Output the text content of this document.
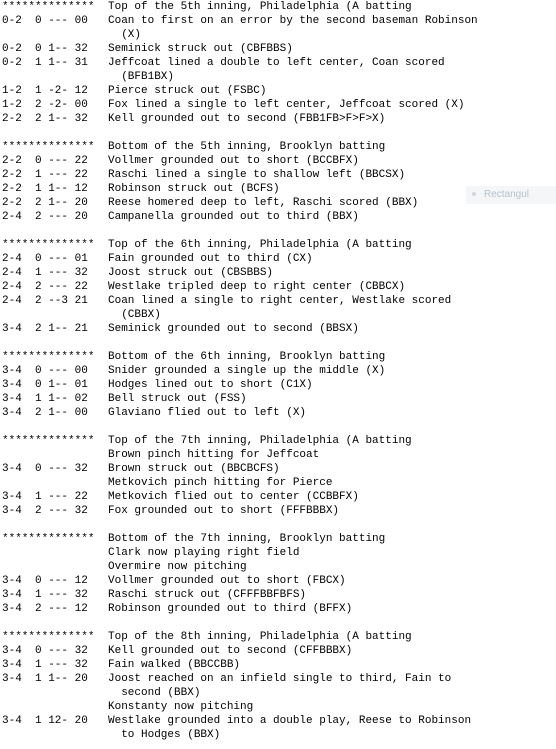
************** Top of the 5th inning, Philadelphia (A batting
0-2  0 --- 00 Coan to first on an error by the second baseman Robinson
(X)
0-2  0 1-- 32 Seminick struck out (CBFBBS)
0-2  1 1-- 31 Jeffcoat lined a double to left center, Coan scored
(BFB1BX)
1-2  1 -2- 12 Pierce struck out (FSBC)
1-2  2 -2- 00 Fox lined a single to left center, Jeffcoat scored (X)
2-2  2 1-- 32 Kell grounded out to second (FBB1FB>F>F>X)
************** Bottom of the 5th inning, Brooklyn batting
2-2  0 --- 22 Vollmer grounded out to short (BCCBFX)
2-2  1 --- 22 Raschi lined a single to shallow left (BBCSX)
2-2  1 1-- 12 Robinson struck out (BCFS)
2-2  2 1-- 20 Reese homered deep to left, Raschi scored (BBX)
2-4  2 --- 20 Campanella grounded out to third (BBX)
************** Top of the 6th inning, Philadelphia (A batting
2-4  0 --- 01 Fain grounded out to third (CX)
2-4  1 --- 32 Joost struck out (CBSBBS)
2-4  2 --- 22 Westlake tripled deep to right center (CBBCX)
2-4  2 --3 21 Coan lined a single to right center, Westlake scored
(CBBX)
3-4  2 1-- 21 Seminick grounded out to second (BBSX)
************** Bottom of the 6th inning, Brooklyn batting
3-4  0 --- 00 Snider grounded a single up the middle (X)
3-4  0 1-- 01 Hodges lined out to short (C1X)
3-4  1 1-- 02 Bell struck out (FSS)
3-4  2 1-- 00 Glaviano flied out to left (X)
************** Top of the 7th inning, Philadelphia (A batting
Brown pinch hitting for Jeffcoat
3-4  0 --- 32 Brown struck out (BBCBCFS)
Metkovich pinch hitting for Pierce
3-4  1 --- 22 Metkovich flied out to center (CCBBFX)
3-4  2 --- 32 Fox grounded out to short (FFFBBBX)
************** Bottom of the 7th inning, Brooklyn batting
Clark now playing right field
Overmire now pitching
3-4  0 --- 12 Vollmer grounded out to short (FBCX)
3-4  1 --- 32 Raschi struck out (CFFFBBFBFS)
3-4  2 --- 12 Robinson grounded out to third (BFFX)
************** Top of the 8th inning, Philadelphia (A batting
3-4  0 --- 32 Kell grounded out to second (CFFBBBX)
3-4  1 --- 32 Fain walked (BBCCBB)
3-4  1 1-- 20 Joost reached on an infield single to third, Fain to
second (BBX)
Konstanty now pitching
3-4  1 12- 20 Westlake grounded into a double play, Reese to Robinson
to Hodges (BBX)
Rectangul
